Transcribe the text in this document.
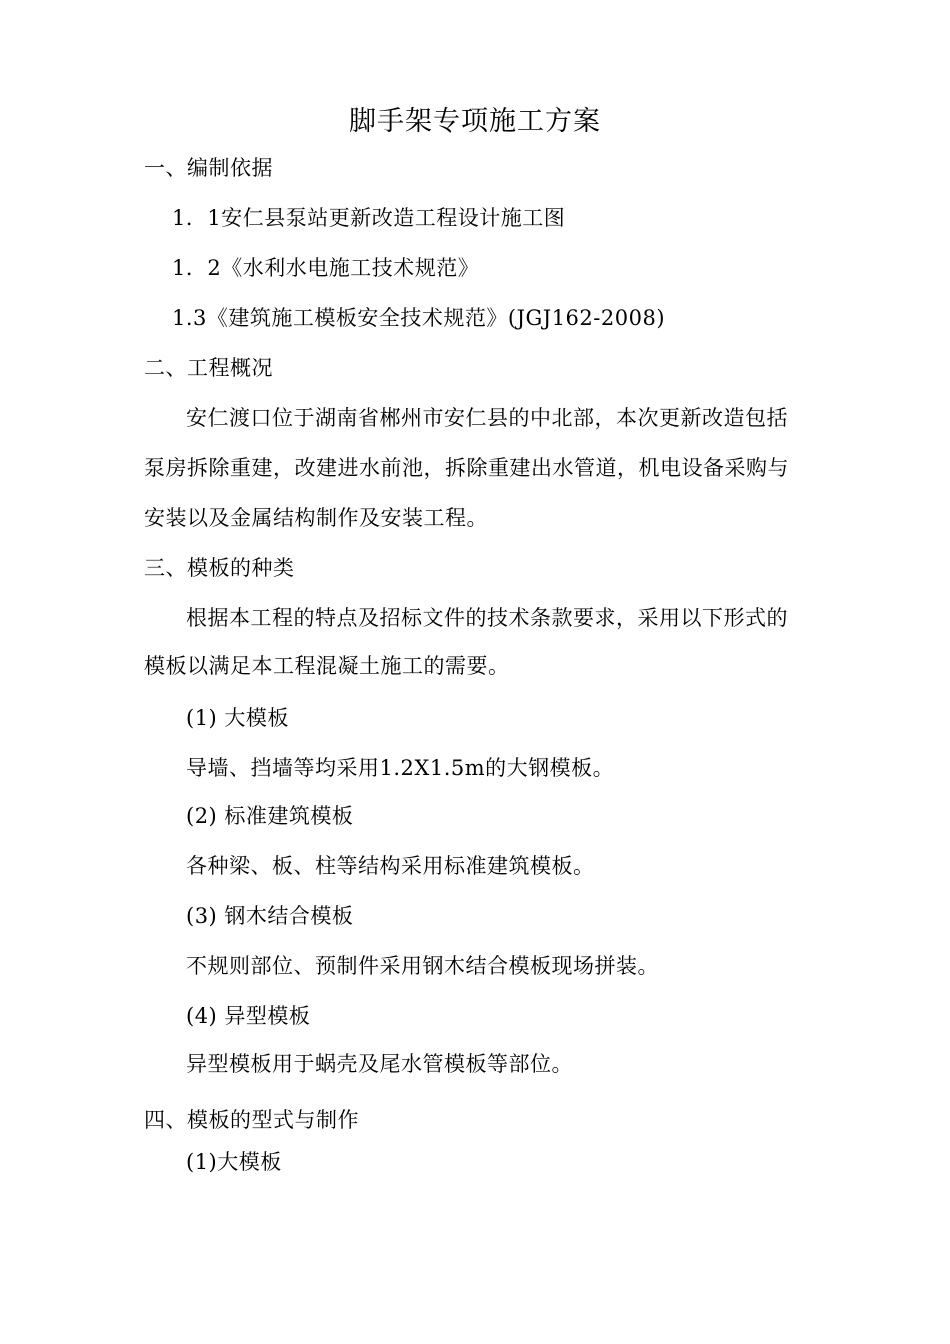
脚手架专项施工方案
一、编制依据
1．1安仁县泵站更新改造工程设计施工图
1．2《水利水电施工技术规范》
1.3《建筑施工模板安全技术规范》(JGJ162-2008)
二、工程概况
安仁渡口位于湖南省郴州市安仁县的中北部，本次更新改造包括
泵房拆除重建，改建进水前池，拆除重建出水管道，机电设备采购与
安装以及金属结构制作及安装工程。
三、模板的种类
根据本工程的特点及招标文件的技术条款要求，采用以下形式的
模板以满足本工程混凝土施工的需要。
(1) 大模板
导墙、挡墙等均采用1.2X1.5m的大钢模板。
(2) 标准建筑模板
各种梁、板、柱等结构采用标准建筑模板。
(3) 钢木结合模板
不规则部位、预制件采用钢木结合模板现场拼装。
(4) 异型模板
异型模板用于蜗壳及尾水管模板等部位。
四、模板的型式与制作
(1)大模板
